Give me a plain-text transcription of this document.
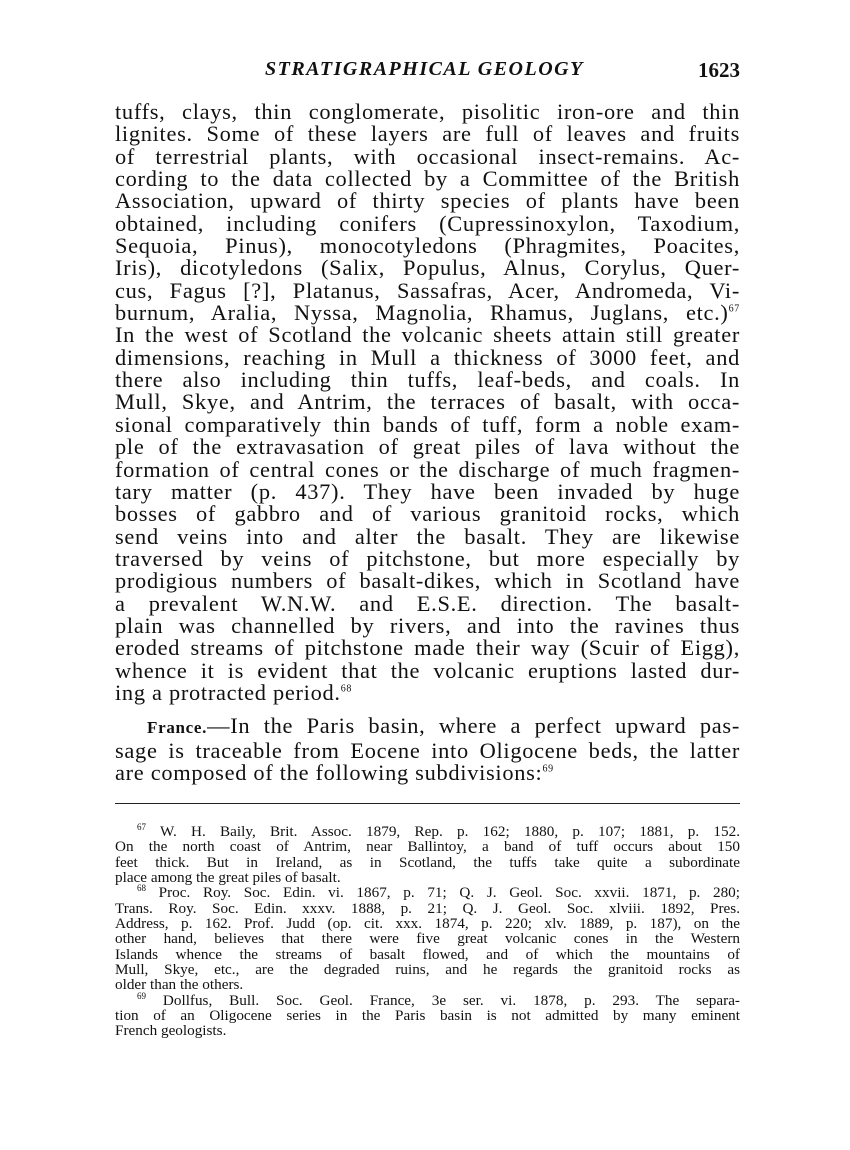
STRATIGRAPHICAL GEOLOGY	1623
tuffs, clays, thin conglomerate, pisolitic iron-ore and thin
lignites. Some of these layers are full of leaves and fruits
of terrestrial plants, with occasional insect-remains. Ac-
cording to the data collected by a Committee of the British
Association, upward of thirty species of plants have been
obtained, including conifers (Cupressinoxylon, Taxodium,
Sequoia, Pinus), monocotyledons (Phragmites, Poacites,
Iris), dicotyledons (Salix, Populus, Alnus, Corylus, Quer-
cus, Fagus [?], Platanus, Sassafras, Acer, Andromeda, Vi-
burnum, Aralia, Nyssa, Magnolia, Rhamus, Juglans, etc.)$^{67}$
In the west of Scotland the volcanic sheets attain still greater
dimensions, reaching in Mull a thickness of 3000 feet, and
there also including thin tuffs, leaf-beds, and coals. In
Mull, Skye, and Antrim, the terraces of basalt, with occa-
sional comparatively thin bands of tuff, form a noble exam-
ple of the extravasation of great piles of lava without the
formation of central cones or the discharge of much fragmen-
tary matter (p. 437). They have been invaded by huge
bosses of gabbro and of various granitoid rocks, which
send veins into and alter the basalt. They are likewise
traversed by veins of pitchstone, but more especially by
prodigious numbers of basalt-dikes, which in Scotland have
a prevalent W.N.W. and E.S.E. direction. The basalt-
plain was channelled by rivers, and into the ravines thus
eroded streams of pitchstone made their way (Scuir of Eigg),
whence it is evident that the volcanic eruptions lasted dur-
ing a protracted period.$^{68}$
France.—In the Paris basin, where a perfect upward pas-
sage is traceable from Eocene into Oligocene beds, the latter
are composed of the following subdivisions:$^{69}$
$^{67}$ W. H. Baily, Brit. Assoc. 1879, Rep. p. 162; 1880, p. 107; 1881, p. 152.
On the north coast of Antrim, near Ballintoy, a band of tuff occurs about 150
feet thick. But in Ireland, as in Scotland, the tuffs take quite a subordinate
place among the great piles of basalt.
$^{68}$ Proc. Roy. Soc. Edin. vi. 1867, p. 71; Q. J. Geol. Soc. xxvii. 1871, p. 280;
Trans. Roy. Soc. Edin. xxxv. 1888, p. 21; Q. J. Geol. Soc. xlviii. 1892, Pres.
Address, p. 162. Prof. Judd (op. cit. xxx. 1874, p. 220; xlv. 1889, p. 187), on the
other hand, believes that there were five great volcanic cones in the Western
Islands whence the streams of basalt flowed, and of which the mountains of
Mull, Skye, etc., are the degraded ruins, and he regards the granitoid rocks as
older than the others.
$^{69}$ Dollfus, Bull. Soc. Geol. France, 3e ser. vi. 1878, p. 293. The separa-
tion of an Oligocene series in the Paris basin is not admitted by many eminent
French geologists.
